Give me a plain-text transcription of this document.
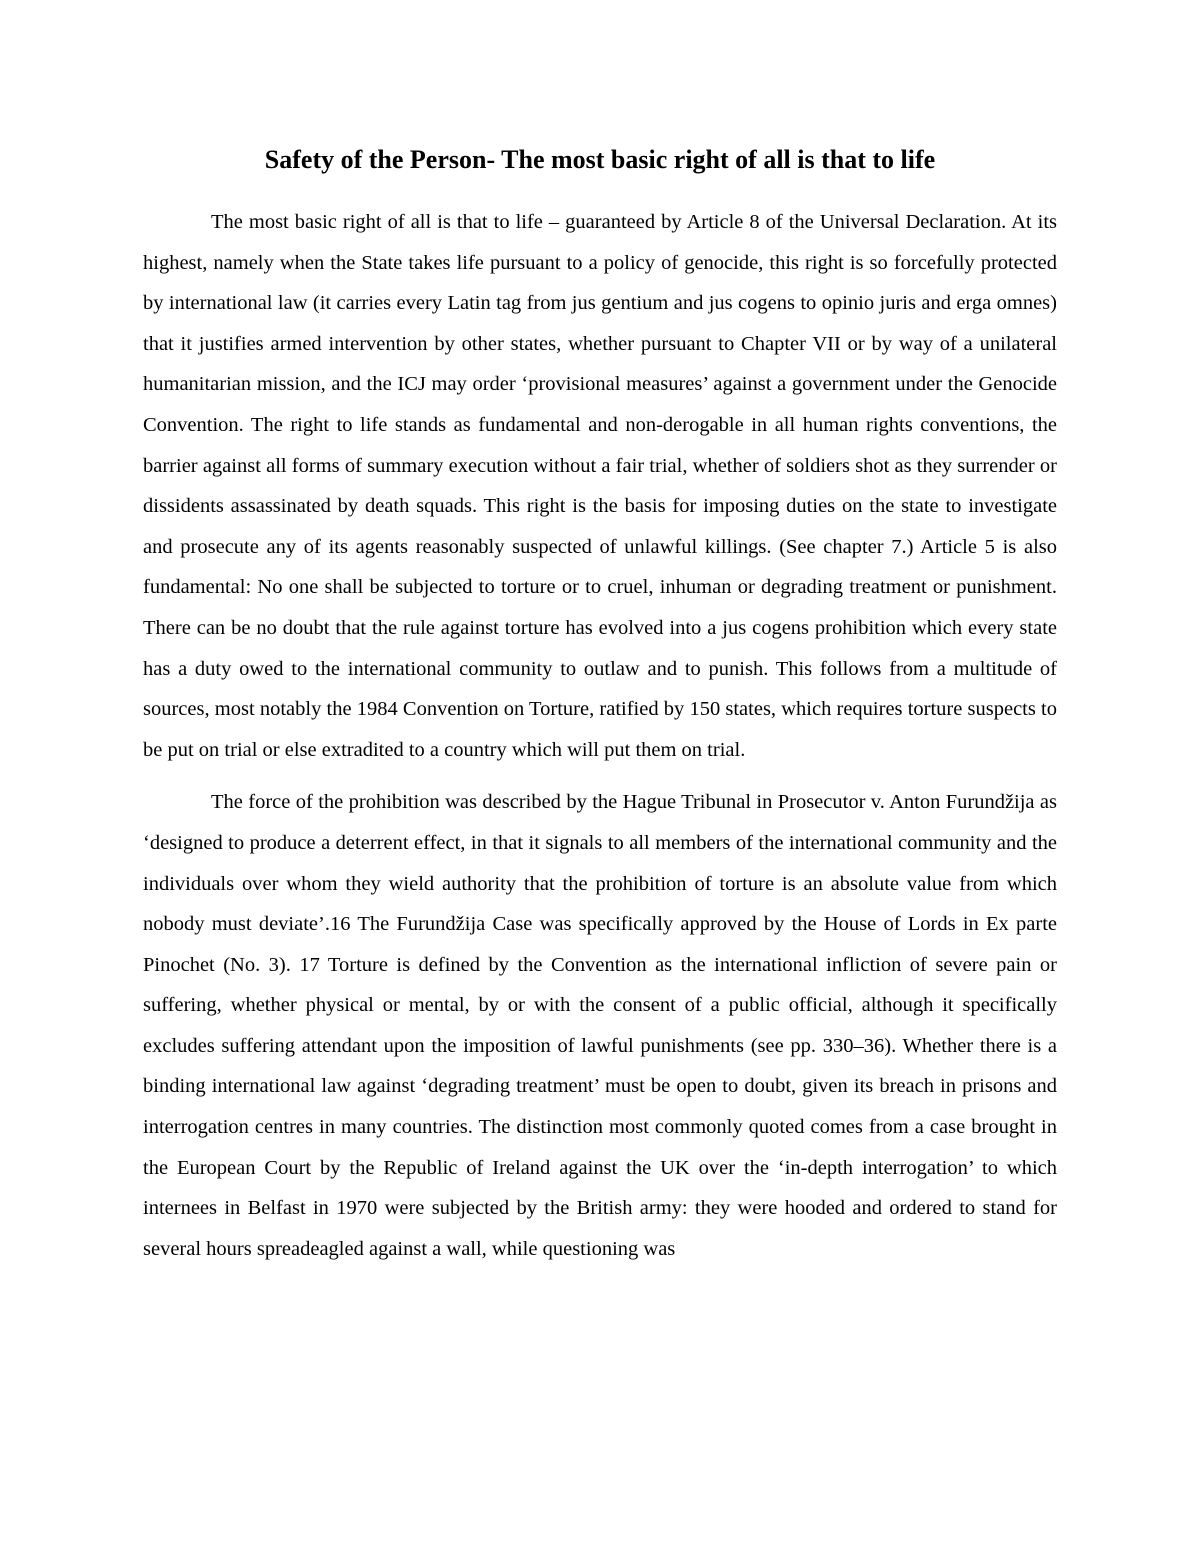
Safety of the Person- The most basic right of all is that to life

The most basic right of all is that to life – guaranteed by Article 8 of the Universal Declaration. At its highest, namely when the State takes life pursuant to a policy of genocide, this right is so forcefully protected by international law (it carries every Latin tag from jus gentium and jus cogens to opinio juris and erga omnes) that it justifies armed intervention by other states, whether pursuant to Chapter VII or by way of a unilateral humanitarian mission, and the ICJ may order ‘provisional measures’ against a government under the Genocide Convention. The right to life stands as fundamental and non-derogable in all human rights conventions, the barrier against all forms of summary execution without a fair trial, whether of soldiers shot as they surrender or dissidents assassinated by death squads. This right is the basis for imposing duties on the state to investigate and prosecute any of its agents reasonably suspected of unlawful killings. (See chapter 7.) Article 5 is also fundamental: No one shall be subjected to torture or to cruel, inhuman or degrading treatment or punishment. There can be no doubt that the rule against torture has evolved into a jus cogens prohibition which every state has a duty owed to the international community to outlaw and to punish. This follows from a multitude of sources, most notably the 1984 Convention on Torture, ratified by 150 states, which requires torture suspects to be put on trial or else extradited to a country which will put them on trial.

The force of the prohibition was described by the Hague Tribunal in Prosecutor v. Anton Furundžija as ‘designed to produce a deterrent effect, in that it signals to all members of the international community and the individuals over whom they wield authority that the prohibition of torture is an absolute value from which nobody must deviate’.16 The Furundžija Case was specifically approved by the House of Lords in Ex parte Pinochet (No. 3). 17 Torture is defined by the Convention as the international infliction of severe pain or suffering, whether physical or mental, by or with the consent of a public official, although it specifically excludes suffering attendant upon the imposition of lawful punishments (see pp. 330–36). Whether there is a binding international law against ‘degrading treatment’ must be open to doubt, given its breach in prisons and interrogation centres in many countries. The distinction most commonly quoted comes from a case brought in the European Court by the Republic of Ireland against the UK over the ‘in-depth interrogation’ to which internees in Belfast in 1970 were subjected by the British army: they were hooded and ordered to stand for several hours spreadeagled against a wall, while questioning was
